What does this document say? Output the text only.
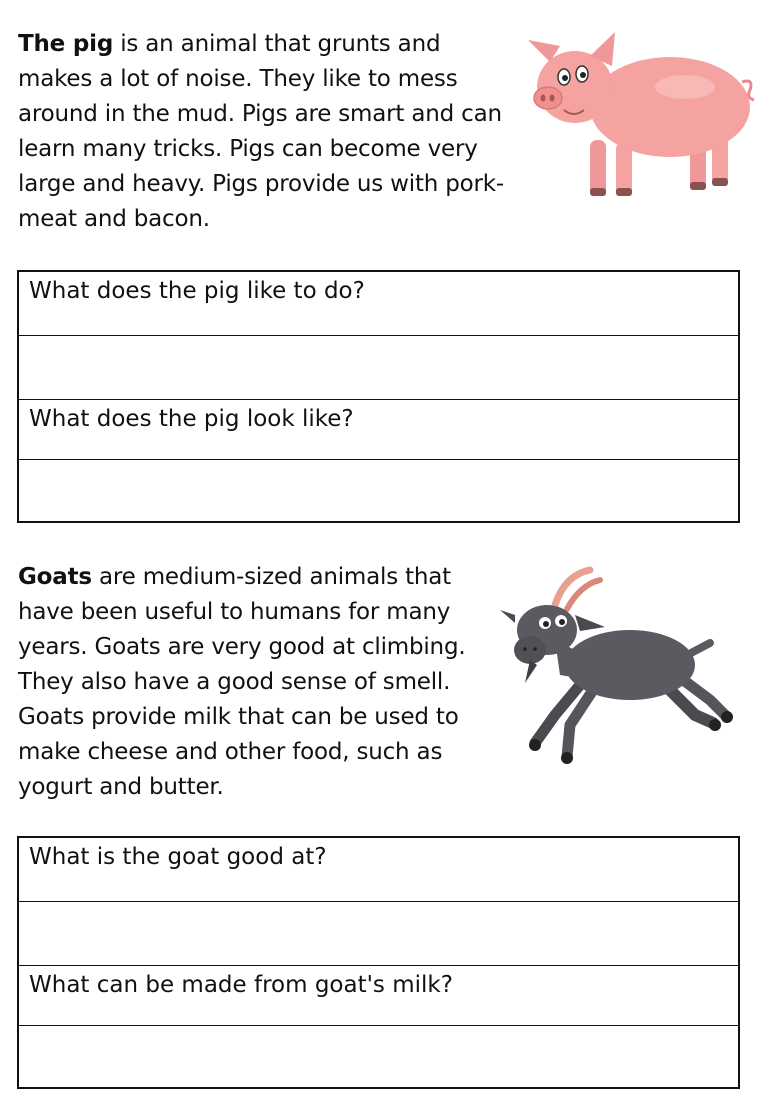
The pig is an animal that grunts and makes a lot of noise. They like to mess around in the mud. Pigs are smart and can learn many tricks. Pigs can become very large and heavy. Pigs provide us with pork-meat and bacon.

What does the pig like to do?
What does the pig look like?

Goats are medium-sized animals that have been useful to humans for many years. Goats are very good at climbing. They also have a good sense of smell. Goats provide milk that can be used to make cheese and other food, such as yogurt and butter.

What is the goat good at?
What can be made from goat's milk?
